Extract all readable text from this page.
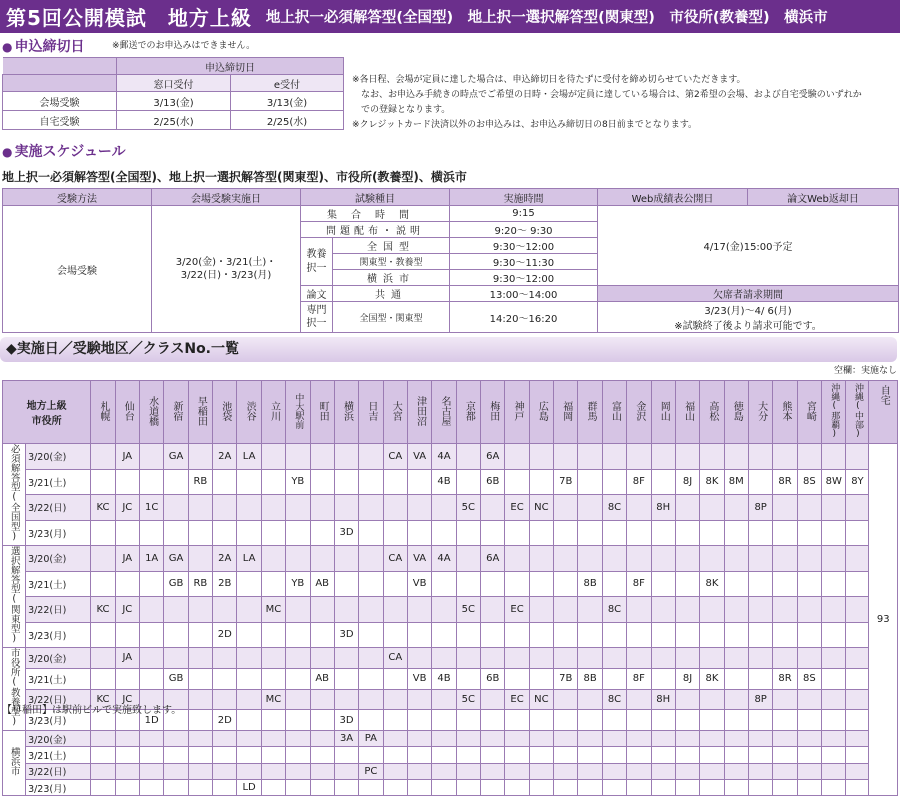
第5回公開模試　地方上級 地上択一必須解答型(全国型)　地上択一選択解答型(関東型)　市役所(教養型)　横浜市
● 申込締切日	※郵送でのお申込みはできません。
	申込締切日	
	窓口受付	e受付
会場受験	3/13(金)	3/13(金)
自宅受験	2/25(水)	2/25(水)
※各日程、会場が定員に達した場合は、申込締切日を待たずに受付を締め切らせていただきます。
　なお、お申込み手続きの時点でご希望の日時・会場が定員に達している場合は、第2希望の会場、および自宅受験のいずれか
　での登録となります。
※クレジットカード決済以外のお申込みは、お申込み締切日の8日前までとなります。
● 実施スケジュール
地上択一必須解答型(全国型)、地上択一選択解答型(関東型)、市役所(教養型)、横浜市
受験方法	会場受験実施日	試験種目		実施時間	Web成績表公開日	論文Web返却日
会場受験	3/20(金)・3/21(土)・3/22(日)・3/23(月)	集合時間		9:15	4/17(金)15:00予定	
		問題配布・説明		9:20〜 9:30		
		教養択一	全国型	9:30〜12:00		
			関東型・教養型	9:30〜11:30		
			横浜市	9:30〜12:00		
		論文	共通	13:00〜14:00	欠席者請求期間	
		専門択一	全国型・関東型	14:20〜16:20	3/23(月)〜4/ 6(月)	
					※試験終了後より請求可能です。	
◆実施日／受験地区／クラスNo.一覧
空欄：実施なし
地方上級
市役所		札幌	仙台	水道橋	新宿	早稲田	池袋	渋谷	立川	中大駅前	町田	横浜	日吉	大宮	津田沼	名古屋	京都	梅田	神戸	広島	福岡	群馬	富山	金沢	岡山	福山	高松	徳島	大分	熊本	宮崎	沖縄(那覇)	沖縄(中部)	自宅
必須解答型(全国型)	3/20(金)		JA		GA		2A	LA						CA	VA	4A		6A																93
	3/21(土)					RB				YB						4B		6B			7B			8F		8J	8K	8M		8R	8S	8W	8Y	
	3/22(日)	KC	JC	1C													5C		EC	NC			8C		8H				8P					
	3/23(月)											3D																						
選択解答型(関東型)	3/20(金)		JA	1A	GA		2A	LA						CA	VA	4A		6A																
	3/21(土)				GB	RB	2B			YB	AB				VB							8B		8F			8K							
	3/22(日)	KC	JC						MC								5C		EC				8C											
	3/23(月)						2D					3D																						
市役所(教養型)	3/20(金)		JA											CA																				
	3/21(土)				GB						AB				VB	4B		6B			7B	8B		8F		8J	8K			8R	8S			
	3/22(日)	KC	JC						MC								5C		EC	NC			8C		8H				8P					
	3/23(月)			1D			2D					3D																						
横浜市	3/20(金)											3A	PA																					
	3/21(土)																																	
	3/22(日)												PC																					
	3/23(月)							LD																										
【早稲田】は駅前ビルで実施致します。
